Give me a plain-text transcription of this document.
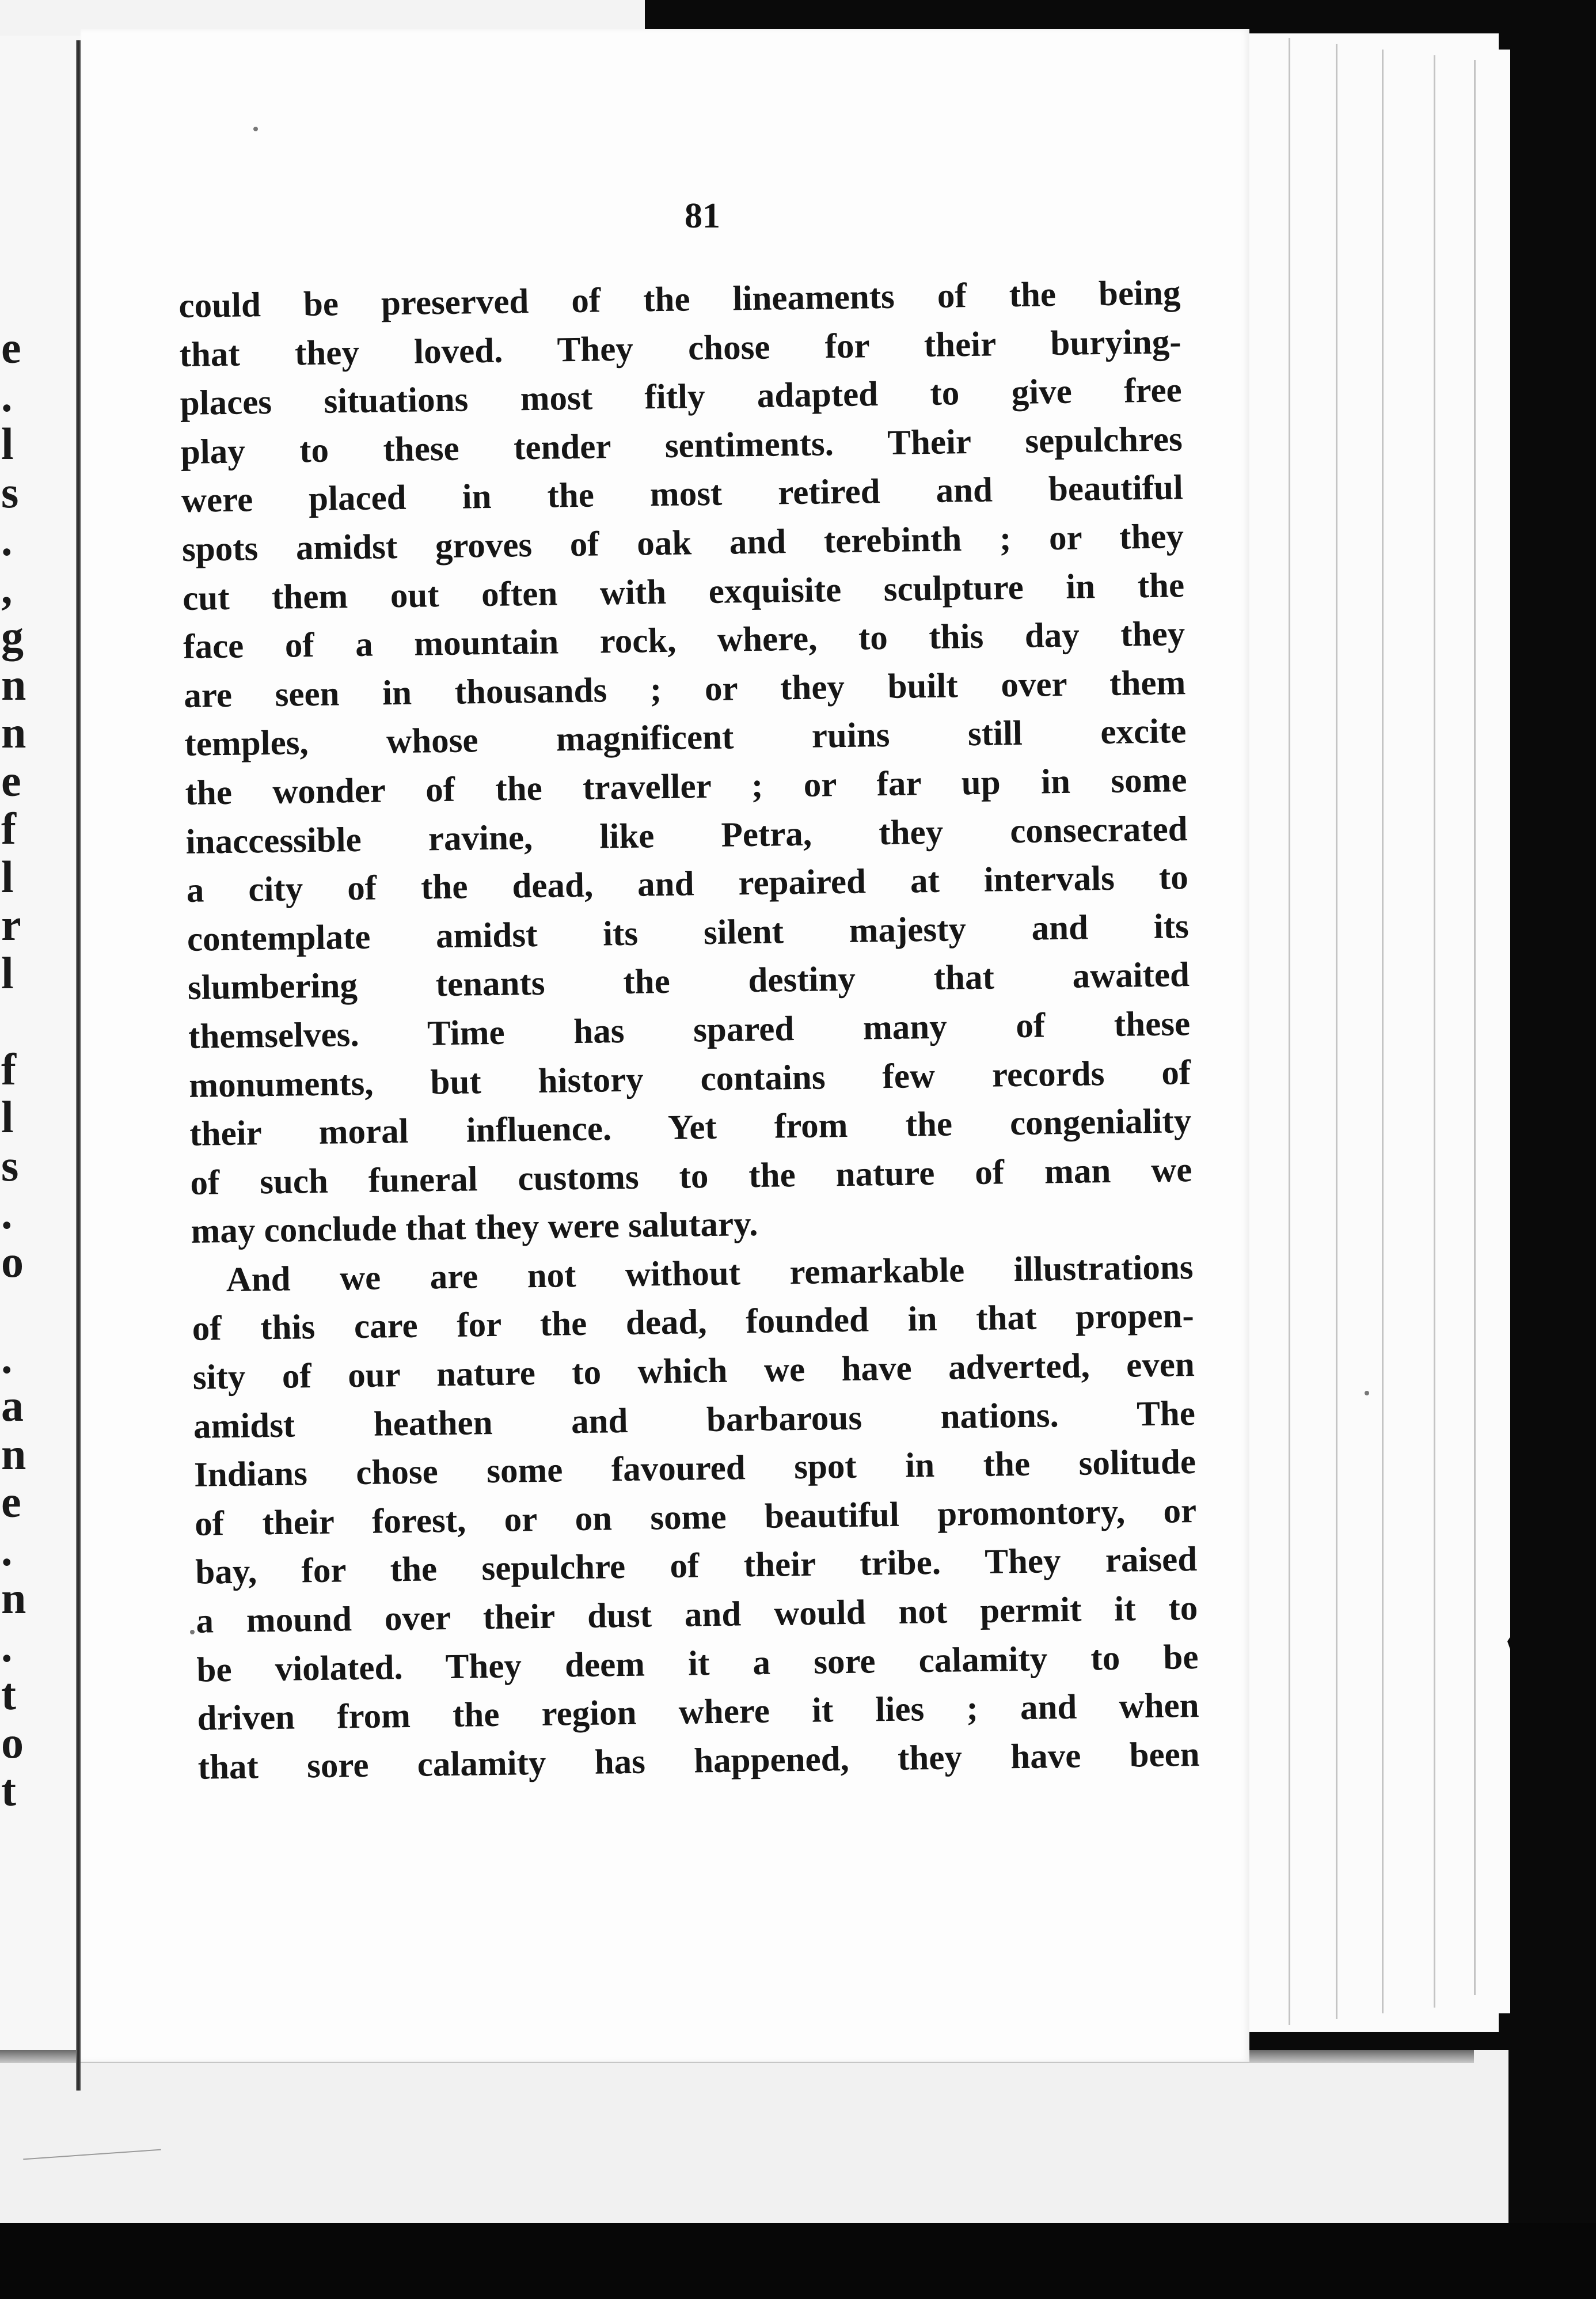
e
.
l
s
.
,
g
n
n
e
f
l
r
l
f
l
s
.
o
.
a
n
e
.
n
.
t
o
t
81
could be preserved of the lineaments of the being
that they loved. They chose for their burying-
places situations most fitly adapted to give free
play to these tender sentiments. Their sepulchres
were placed in the most retired and beautiful
spots amidst groves of oak and terebinth ; or they
cut them out often with exquisite sculpture in the
face of a mountain rock, where, to this day they
are seen in thousands ; or they built over them
temples, whose magnificent ruins still excite
the wonder of the traveller ; or far up in some
inaccessible ravine, like Petra, they consecrated
a city of the dead, and repaired at intervals to
contemplate amidst its silent majesty and its
slumbering tenants the destiny that awaited
themselves. Time has spared many of these
monuments, but history contains few records of
their moral influence. Yet from the congeniality
of such funeral customs to the nature of man we
may conclude that they were salutary.
And we are not without remarkable illustrations
of this care for the dead, founded in that propen-
sity of our nature to which we have adverted, even
amidst heathen and barbarous nations. The
Indians chose some favoured spot in the solitude
of their forest, or on some beautiful promontory, or
bay, for the sepulchre of their tribe. They raised
a mound over their dust and would not permit it to
be violated. They deem it a sore calamity to be
driven from the region where it lies ; and when
that sore calamity has happened, they have been
